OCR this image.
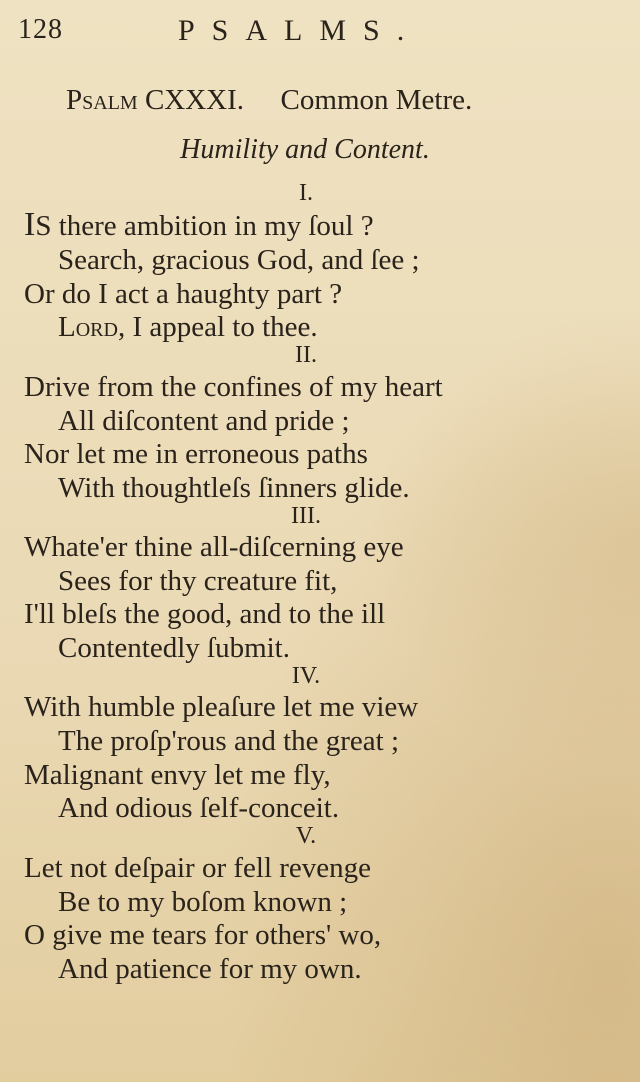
128	PSALMS.
Psalm CXXXI. Common Metre.
Humility and Content.
I.
IS there ambition in my ſoul ?
Search, gracious God, and ſee ;
Or do I act a haughty part ?
Lord, I appeal to thee.
II.
Drive from the confines of my heart
All diſcontent and pride ;
Nor let me in erroneous paths
With thoughtleſs ſinners glide.
III.
Whate'er thine all-diſcerning eye
Sees for thy creature fit,
I'll bleſs the good, and to the ill
Contentedly ſubmit.
IV.
With humble pleaſure let me view
The proſp'rous and the great ;
Malignant envy let me fly,
And odious ſelf-conceit.
V.
Let not deſpair or fell revenge
Be to my boſom known ;
O give me tears for others' wo,
And patience for my own.
